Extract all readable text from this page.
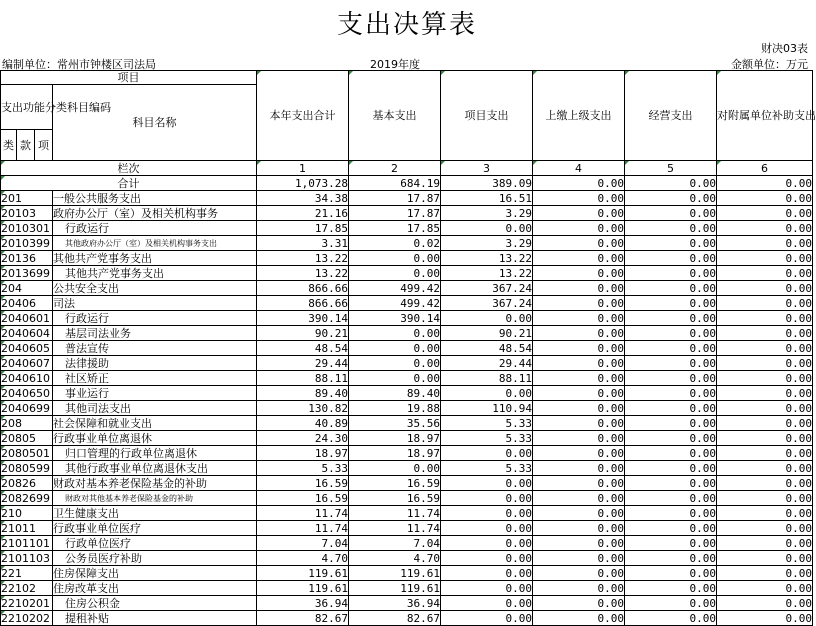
支出决算表
财决03表
编制单位：常州市钟楼区司法局	2019年度	金额单位：万元
项目				本年支出合计	基本支出	项目支出	上缴上级支出	经营支出	对附属单位补助支出
支出功能分类科目编码			科目名称						
类	款	项							
栏次				1	2	3	4	5	6
合计				1,073.28	684.19	389.09	0.00	0.00	0.00
201			一般公共服务支出	34.38	17.87	16.51	0.00	0.00	0.00
20103			政府办公厅（室）及相关机构事务	21.16	17.87	3.29	0.00	0.00	0.00
2010301			行政运行	17.85	17.85	0.00	0.00	0.00	0.00
2010399			其他政府办公厅（室）及相关机构事务支出	3.31	0.02	3.29	0.00	0.00	0.00
20136			其他共产党事务支出	13.22	0.00	13.22	0.00	0.00	0.00
2013699			其他共产党事务支出	13.22	0.00	13.22	0.00	0.00	0.00
204			公共安全支出	866.66	499.42	367.24	0.00	0.00	0.00
20406			司法	866.66	499.42	367.24	0.00	0.00	0.00
2040601			行政运行	390.14	390.14	0.00	0.00	0.00	0.00
2040604			基层司法业务	90.21	0.00	90.21	0.00	0.00	0.00
2040605			普法宣传	48.54	0.00	48.54	0.00	0.00	0.00
2040607			法律援助	29.44	0.00	29.44	0.00	0.00	0.00
2040610			社区矫正	88.11	0.00	88.11	0.00	0.00	0.00
2040650			事业运行	89.40	89.40	0.00	0.00	0.00	0.00
2040699			其他司法支出	130.82	19.88	110.94	0.00	0.00	0.00
208			社会保障和就业支出	40.89	35.56	5.33	0.00	0.00	0.00
20805			行政事业单位离退休	24.30	18.97	5.33	0.00	0.00	0.00
2080501			归口管理的行政单位离退休	18.97	18.97	0.00	0.00	0.00	0.00
2080599			其他行政事业单位离退休支出	5.33	0.00	5.33	0.00	0.00	0.00
20826			财政对基本养老保险基金的补助	16.59	16.59	0.00	0.00	0.00	0.00
2082699			财政对其他基本养老保险基金的补助	16.59	16.59	0.00	0.00	0.00	0.00
210			卫生健康支出	11.74	11.74	0.00	0.00	0.00	0.00
21011			行政事业单位医疗	11.74	11.74	0.00	0.00	0.00	0.00
2101101			行政单位医疗	7.04	7.04	0.00	0.00	0.00	0.00
2101103			公务员医疗补助	4.70	4.70	0.00	0.00	0.00	0.00
221			住房保障支出	119.61	119.61	0.00	0.00	0.00	0.00
22102			住房改革支出	119.61	119.61	0.00	0.00	0.00	0.00
2210201			住房公积金	36.94	36.94	0.00	0.00	0.00	0.00
2210202			提租补贴	82.67	82.67	0.00	0.00	0.00	0.00
